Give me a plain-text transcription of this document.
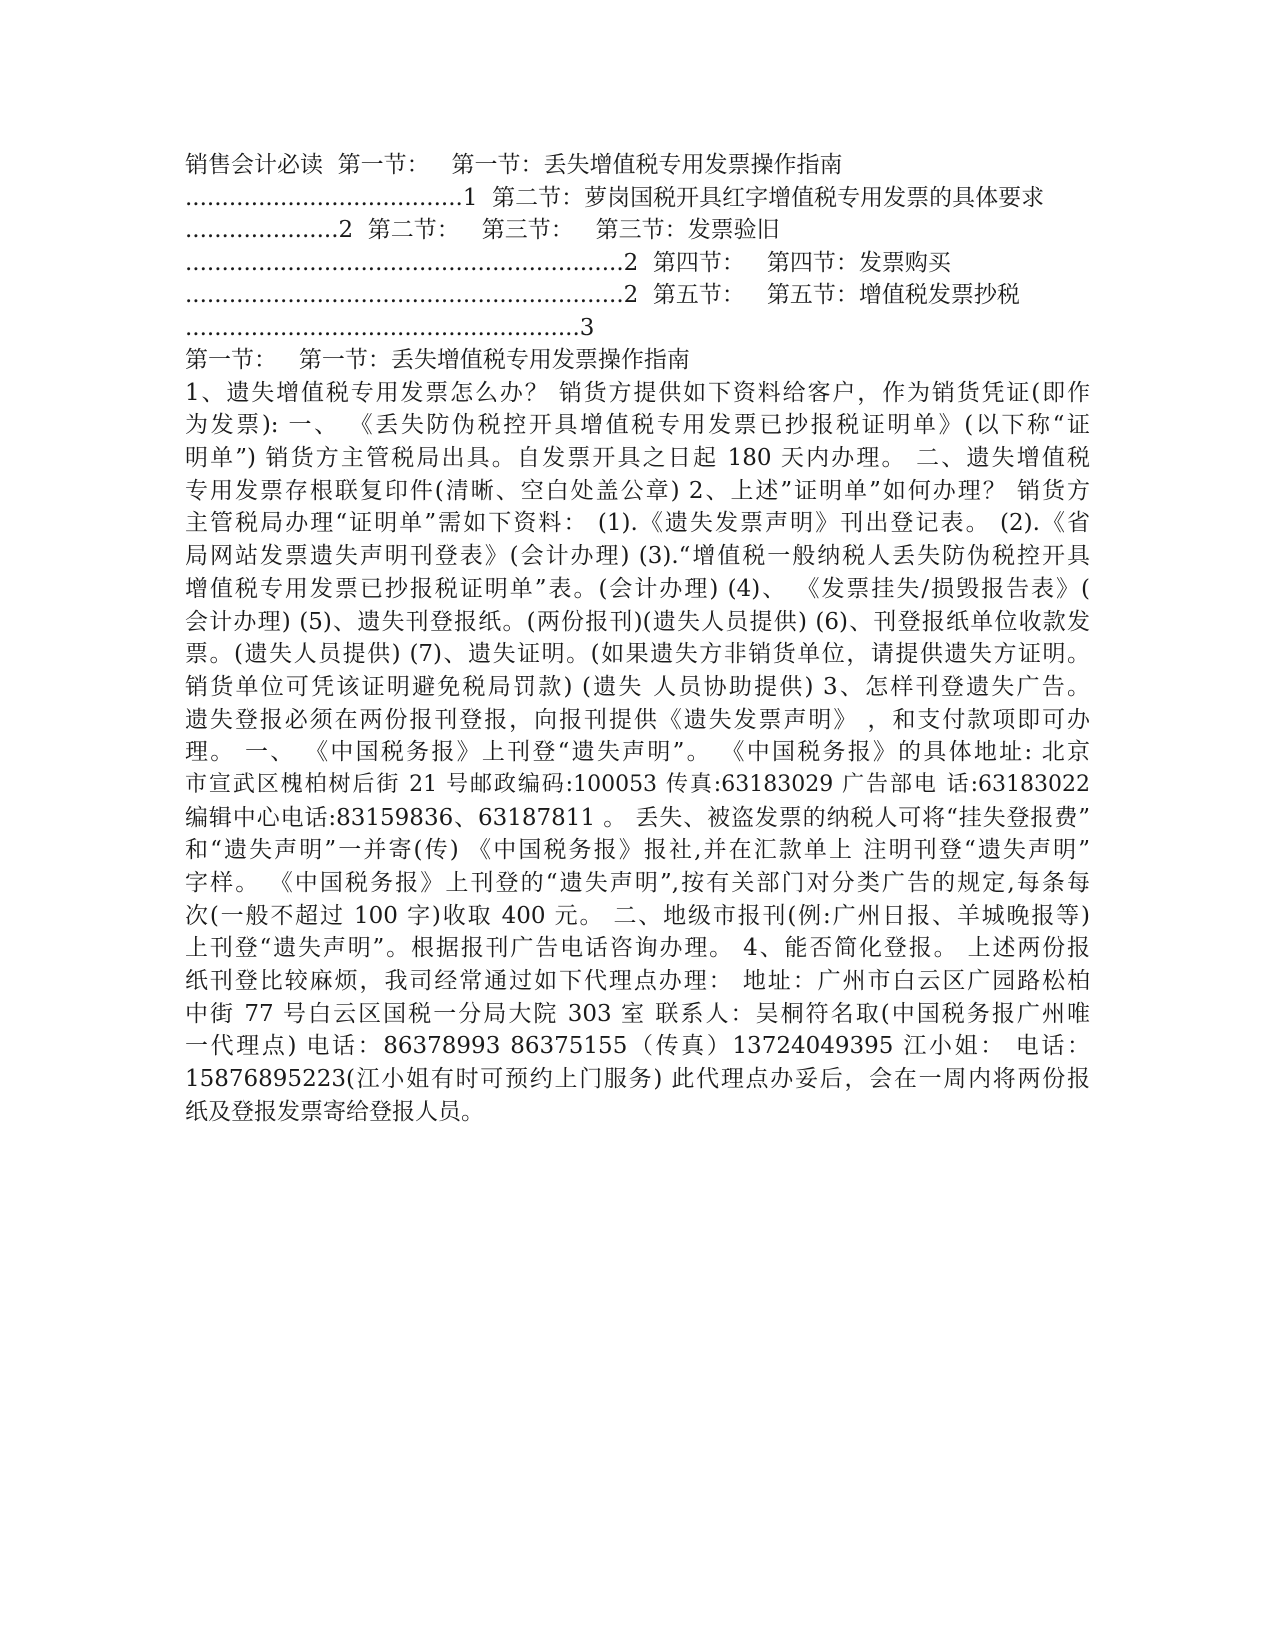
销售会计必读  第一节：   第一节：丢失增值税专用发票操作指南
......................................1  第二节：萝岗国税开具红字增值税专用发票的具体要求
.....................2  第二节：   第三节：   第三节：发票验旧
............................................................2  第四节：   第四节：发票购买
............................................................2  第五节：   第五节：增值税发票抄税
......................................................3
第一节：   第一节：丢失增值税专用发票操作指南
1、遗失增值税专用发票怎么办？ 销货方提供如下资料给客户，作为销货凭证(即作
为发票): 一、 《丢失防伪税控开具增值税专用发票已抄报税证明单》(以下称“证
明单”) 销货方主管税局出具。自发票开具之日起 180 天内办理。 二、遗失增值税
专用发票存根联复印件(清晰、空白处盖公章) 2、上述”证明单”如何办理？ 销货方
主管税局办理“证明单”需如下资料： (1).《遗失发票声明》刊出登记表。 (2).《省
局网站发票遗失声明刊登表》(会计办理) (3).“增值税一般纳税人丢失防伪税控开具
增值税专用发票已抄报税证明单”表。(会计办理) (4)、 《发票挂失/损毁报告表》(
会计办理) (5)、遗失刊登报纸。(两份报刊)(遗失人员提供) (6)、刊登报纸单位收款发
票。(遗失人员提供) (7)、遗失证明。(如果遗失方非销货单位，请提供遗失方证明。
销货单位可凭该证明避免税局罚款) (遗失 人员协助提供) 3、怎样刊登遗失广告。
遗失登报必须在两份报刊登报，向报刊提供《遗失发票声明》 ，和支付款项即可办
理。 一、 《中国税务报》上刊登“遗失声明”。 《中国税务报》的具体地址: 北京
市宣武区槐柏树后街 21 号邮政编码:100053 传真:63183029 广告部电 话:63183022
编辑中心电话:83159836、63187811 。 丢失、被盗发票的纳税人可将“挂失登报费”
和“遗失声明”一并寄(传) 《中国税务报》报社,并在汇款单上 注明刊登“遗失声明”
字样。 《中国税务报》上刊登的“遗失声明”,按有关部门对分类广告的规定,每条每
次(一般不超过 100 字)收取 400 元。 二、地级市报刊(例:广州日报、羊城晚报等)
上刊登“遗失声明”。根据报刊广告电话咨询办理。 4、能否简化登报。 上述两份报
纸刊登比较麻烦，我司经常通过如下代理点办理： 地址：广州市白云区广园路松柏
中街 77 号白云区国税一分局大院 303 室 联系人：吴桐符名取(中国税务报广州唯
一代理点) 电话：86378993 86375155（传真）13724049395 江小姐： 电话：
15876895223(江小姐有时可预约上门服务) 此代理点办妥后，会在一周内将两份报
纸及登报发票寄给登报人员。
